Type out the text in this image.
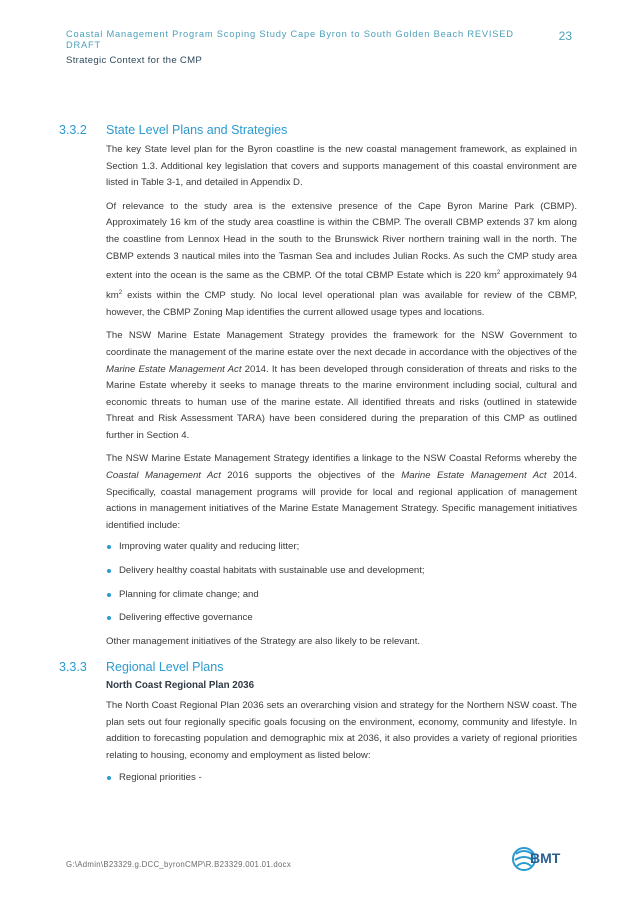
Coastal Management Program Scoping Study Cape Byron to South Golden Beach REVISED DRAFT
Strategic Context for the CMP
23
3.3.2 State Level Plans and Strategies

The key State level plan for the Byron coastline is the new coastal management framework, as explained in Section 1.3. Additional key legislation that covers and supports management of this coastal environment are listed in Table 3-1, and detailed in Appendix D.

Of relevance to the study area is the extensive presence of the Cape Byron Marine Park (CBMP). Approximately 16 km of the study area coastline is within the CBMP. The overall CBMP extends 37 km along the coastline from Lennox Head in the south to the Brunswick River northern training wall in the north. The CBMP extends 3 nautical miles into the Tasman Sea and includes Julian Rocks. As such the CMP study area extent into the ocean is the same as the CBMP. Of the total CBMP Estate which is 220 $km^2$ approximately 94 $km^2$ exists within the CMP study. No local level operational plan was available for review of the CBMP, however, the CBMP Zoning Map identifies the current allowed usage types and locations.

The NSW Marine Estate Management Strategy provides the framework for the NSW Government to coordinate the management of the marine estate over the next decade in accordance with the objectives of the Marine Estate Management Act 2014. It has been developed through consideration of threats and risks to the Marine Estate whereby it seeks to manage threats to the marine environment including social, cultural and economic threats to human use of the marine estate. All identified threats and risks (outlined in statewide Threat and Risk Assessment TARA) have been considered during the preparation of this CMP as outlined further in Section 4.

The NSW Marine Estate Management Strategy identifies a linkage to the NSW Coastal Reforms whereby the Coastal Management Act 2016 supports the objectives of the Marine Estate Management Act 2014. Specifically, coastal management programs will provide for local and regional application of management actions in management initiatives of the Marine Estate Management Strategy. Specific management initiatives identified include:

Improving water quality and reducing litter;
Delivery healthy coastal habitats with sustainable use and development;
Planning for climate change; and
Delivering effective governance

Other management initiatives of the Strategy are also likely to be relevant.

3.3.3 Regional Level Plans
North Coast Regional Plan 2036

The North Coast Regional Plan 2036 sets an overarching vision and strategy for the Northern NSW coast. The plan sets out four regionally specific goals focusing on the environment, economy, community and lifestyle. In addition to forecasting population and demographic mix at 2036, it also provides a variety of regional priorities relating to housing, economy and employment as listed below:

Regional priorities -
G:\Admin\B23329.g.DCC_byronCMP\R.B23329.001.01.docx	BMT
